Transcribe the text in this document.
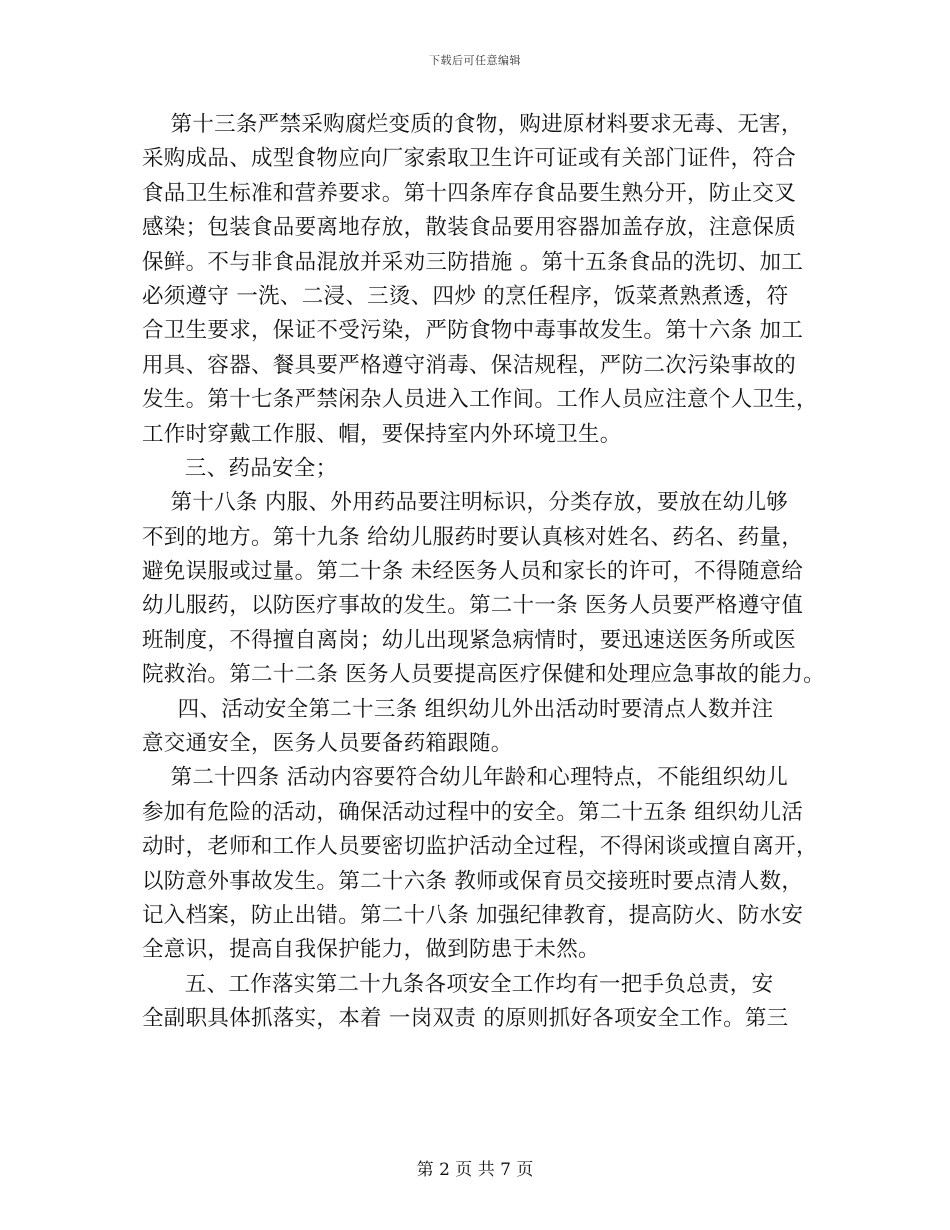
下载后可任意编辑
第十三条严禁采购腐烂变质的食物，购进原材料要求无毒、无害，
采购成品、成型食物应向厂家索取卫生许可证或有关部门证件，符合
食品卫生标准和营养要求。第十四条库存食品要生熟分开，防止交叉
感染；包装食品要离地存放，散装食品要用容器加盖存放，注意保质
保鲜。不与非食品混放并采劝三防措施 。第十五条食品的洗切、加工
必须遵守 一洗、二浸、三烫、四炒 的烹任程序，饭菜煮熟煮透，符
合卫生要求，保证不受污染，严防食物中毒事故发生。第十六条 加工
用具、容器、餐具要严格遵守消毒、保洁规程，严防二次污染事故的
发生。第十七条严禁闲杂人员进入工作间。工作人员应注意个人卫生，
工作时穿戴工作服、帽，要保持室内外环境卫生。
三、药品安全；
第十八条 内服、外用药品要注明标识，分类存放，要放在幼儿够
不到的地方。第十九条 给幼儿服药时要认真核对姓名、药名、药量，
避免误服或过量。第二十条 未经医务人员和家长的许可，不得随意给
幼儿服药，以防医疗事故的发生。第二十一条 医务人员要严格遵守值
班制度，不得擅自离岗；幼儿出现紧急病情时，要迅速送医务所或医
院救治。第二十二条 医务人员要提高医疗保健和处理应急事故的能力。
四、活动安全第二十三条 组织幼儿外出活动时要清点人数并注
意交通安全，医务人员要备药箱跟随。
第二十四条 活动内容要符合幼儿年龄和心理特点，不能组织幼儿
参加有危险的活动，确保活动过程中的安全。第二十五条 组织幼儿活
动时，老师和工作人员要密切监护活动全过程，不得闲谈或擅自离开，
以防意外事故发生。第二十六条 教师或保育员交接班时要点清人数，
记入档案，防止出错。第二十八条 加强纪律教育，提高防火、防水安
全意识，提高自我保护能力，做到防患于未然。
五、工作落实第二十九条各项安全工作均有一把手负总责，安
全副职具体抓落实，本着 一岗双责 的原则抓好各项安全工作。第三
第 2 页 共 7 页
